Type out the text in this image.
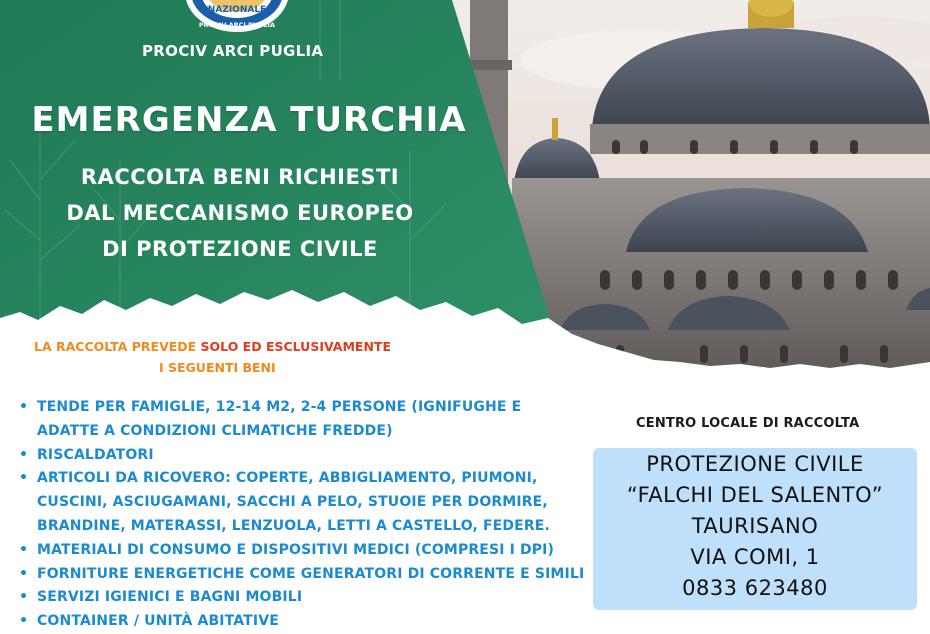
NAZIONALE
PROCIV-ARCI PUGLIA
PROCIV ARCI PUGLIA
EMERGENZA TURCHIA
RACCOLTA BENI RICHIESTI
DAL MECCANISMO EUROPEO
DI PROTEZIONE CIVILE
LA RACCOLTA PREVEDE SOLO ED ESCLUSIVAMENTE
I SEGUENTI BENI
• TENDE PER FAMIGLIE, 12-14 M2, 2-4 PERSONE (IGNIFUGHE E ADATTE A CONDIZIONI CLIMATICHE FREDDE)
• RISCALDATORI
• ARTICOLI DA RICOVERO: COPERTE, ABBIGLIAMENTO, PIUMONI, CUSCINI, ASCIUGAMANI, SACCHI A PELO, STUOIE PER DORMIRE, BRANDINE, MATERASSI, LENZUOLA, LETTI A CASTELLO, FEDERE.
• MATERIALI DI CONSUMO E DISPOSITIVI MEDICI (COMPRESI I DPI)
• FORNITURE ENERGETICHE COME GENERATORI DI CORRENTE E SIMILI
• SERVIZI IGIENICI E BAGNI MOBILI
• CONTAINER / UNITÀ ABITATIVE
CENTRO LOCALE DI RACCOLTA
PROTEZIONE CIVILE
“FALCHI DEL SALENTO”
TAURISANO
VIA COMI, 1
0833 623480
